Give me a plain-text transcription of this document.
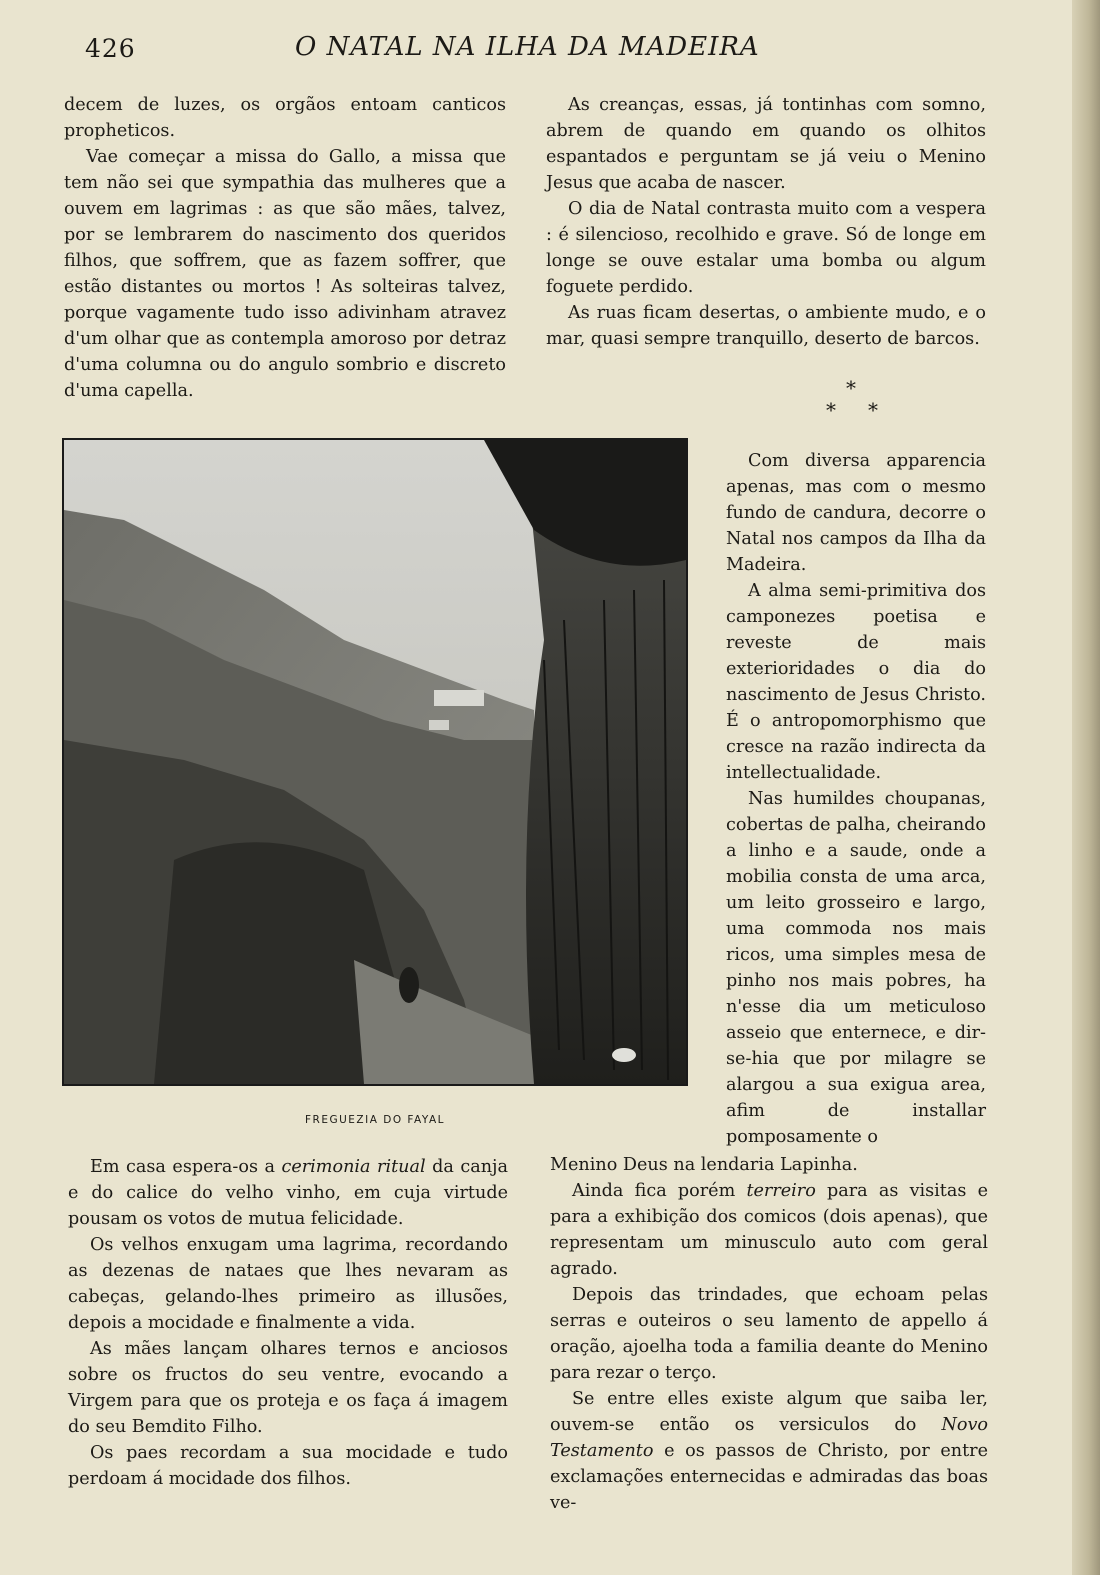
426	O NATAL NA ILHA DA MADEIRA

decem de luzes, os orgãos entoam canticos propheticos.

Vae começar a missa do Gallo, a missa que tem não sei que sympathia das mulheres que a ouvem em lagrimas : as que são mães, talvez, por se lembrarem do nascimento dos queridos filhos, que soffrem, que as fazem soffrer, que estão distantes ou mortos ! As solteiras talvez, porque vagamente tudo isso adivinham atravez d'um olhar que as contempla amoroso por detraz d'uma columna ou do angulo sombrio e discreto d'uma capella.

As creanças, essas, já tontinhas com somno, abrem de quando em quando os olhitos espantados e perguntam se já veiu o Menino Jesus que acaba de nascer.

O dia de Natal contrasta muito com a vespera : é silencioso, recolhido e grave. Só de longe em longe se ouve estalar uma bomba ou algum foguete perdido.

As ruas ficam desertas, o ambiente mudo, e o mar, quasi sempre tranquillo, deserto de barcos.

*
* *
FREGUEZIA DO FAYAL

Com diversa apparencia apenas, mas com o mesmo fundo de candura, decorre o Natal nos campos da Ilha da Madeira.

A alma semi-primitiva dos camponezes poetisa e reveste de mais exterioridades o dia do nascimento de Jesus Christo. É o antropomorphismo que cresce na razão indirecta da intellectualidade.

Nas humildes choupanas, cobertas de palha, cheirando a linho e a saude, onde a mobilia consta de uma arca, um leito grosseiro e largo, uma commoda nos mais ricos, uma simples mesa de pinho nos mais pobres, ha n'esse dia um meticuloso asseio que enternece, e dir-se-hia que por milagre se alargou a sua exigua area, afim de installar pomposamente o

Menino Deus na lendaria Lapinha.

Ainda fica porém terreiro para as visitas e para a exhibição dos comicos (dois apenas), que representam um minusculo auto com geral agrado.

Depois das trindades, que echoam pelas serras e outeiros o seu lamento de appello á oração, ajoelha toda a familia deante do Menino para rezar o terço.

Se entre elles existe algum que saiba ler, ouvem-se então os versiculos do Novo Testamento e os passos de Christo, por entre exclamações enternecidas e admiradas das boas ve-

Em casa espera-os a cerimonia ritual da canja e do calice do velho vinho, em cuja virtude pousam os votos de mutua felicidade.

Os velhos enxugam uma lagrima, recordando as dezenas de nataes que lhes nevaram as cabeças, gelando-lhes primeiro as illusões, depois a mocidade e finalmente a vida.

As mães lançam olhares ternos e anciosos sobre os fructos do seu ventre, evocando a Virgem para que os proteja e os faça á imagem do seu Bemdito Filho.

Os paes recordam a sua mocidade e tudo perdoam á mocidade dos filhos.
